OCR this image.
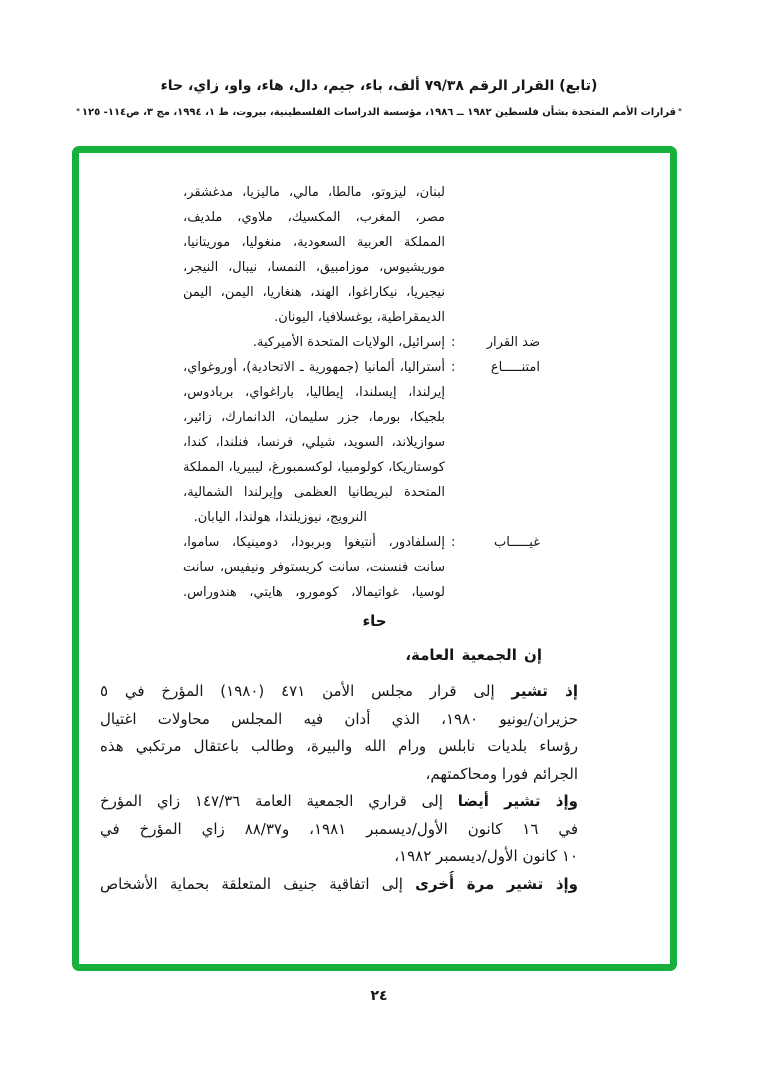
(تابع) القرار الرقم ٧٩/٣٨ ألف، باء، جيم، دال، هاء، واو، زاي، حاء
*قرارات الأمم المتحدة بشأن فلسطين ١٩٨٢ ــ ١٩٨٦، مؤسسة الدراسات الفلسطينية، بيروت، ط ١، ١٩٩٤، مج ٣، ص١١٤- ١٢٥*
لبنان، ليزوتو، مالطا، مالي، ماليزيا، مدغشقر،
مصر، المغرب، المكسيك، ملاوي، ملديف،
المملكة العربية السعودية، منغوليا، موريتانيا،
موريشيوس، موزامبيق، النمسا، نيبال، النيجر،
نيجيريا، نيكاراغوا، الهند، هنغاريا، اليمن، اليمن
الديمقراطية، يوغسلافيا، اليونان.
ضد القرار
:
إسرائيل، الولايات المتحدة الأميركية.
امتنـــــاع
:
أستراليا، ألمانيا (جمهورية ـ الاتحادية)، أوروغواي،
إيرلندا، إيسلندا، إيطاليا، باراغواي، بربادوس،
بلجيكا، بورما، جزر سليمان، الدانمارك، زائير،
سوازيلاند، السويد، شيلي، فرنسا، فنلندا، كندا،
كوستاريكا، كولومبيا، لوكسمبورغ، ليبيريا، المملكة
المتحدة لبريطانيا العظمى وإيرلندا الشمالية،
النرويج، نيوزيلندا، هولندا، اليابان.
غيـــــاب
:
إلسلفادور، أنتيغوا وبربودا، دومينيكا، ساموا،
سانت فنسنت، سانت كريستوفر ونيفيس، سانت
لوسيا، غواتيمالا، كومورو، هايتي، هندوراس.
حاء
إن الجمعية العامة،
إذ تشير إلى قرار مجلس الأمن ٤٧١ (١٩٨٠) المؤرخ في ٥
حزيران/يونيو ١٩٨٠، الذي أدان فيه المجلس محاولات اغتيال
رؤساء بلديات نابلس ورام الله والبيرة، وطالب باعتقال مرتكبي هذه
الجرائم فورا ومحاكمتهم،
وإذ تشير أيضا إلى قراري الجمعية العامة ١٤٧/٣٦ زاي المؤرخ
في ١٦ كانون الأول/ديسمبر ١٩٨١، و٨٨/٣٧ زاي المؤرخ في
١٠ كانون الأول/ديسمبر ١٩٨٢،
وإذ تشير مرة أُخرى إلى اتفاقية جنيف المتعلقة بحماية الأشخاص
٢٤
